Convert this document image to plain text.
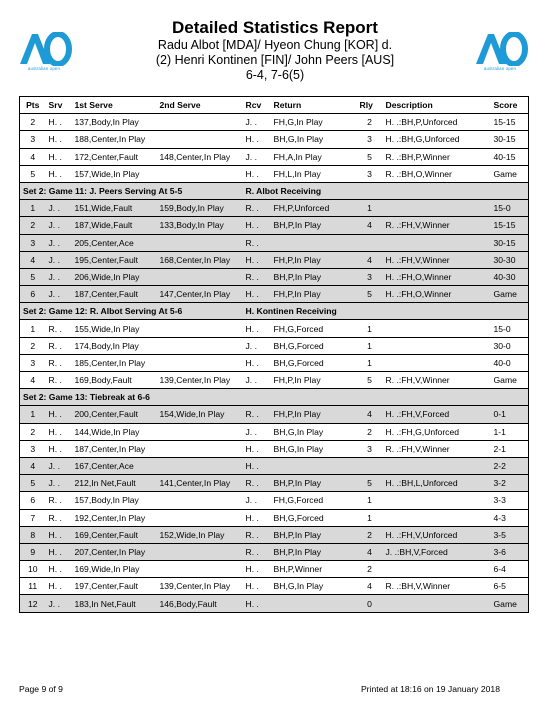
australian open
Detailed Statistics Report
Radu Albot [MDA]/ Hyeon Chung [KOR] d.
(2) Henri Kontinen [FIN]/ John Peers [AUS]
6-4, 7-6(5)	australian open
Pts	Srv	1st Serve	2nd Serve	Rcv	Return	Rly	Description	Score
2	H. .	137,Body,In Play		J. .	FH,G,In Play	2	H. .:BH,P,Unforced	15-15
3	H. .	188,Center,In Play		H. .	BH,G,In Play	3	H. .:BH,G,Unforced	30-15
4	H. .	172,Center,Fault	148,Center,In Play	J. .	FH,A,In Play	5	R. .:BH,P,Winner	40-15
5	H. .	157,Wide,In Play		H. .	FH,L,In Play	3	R. .:BH,O,Winner	Game
Set 2: Game 11: J. Peers Serving At 5-5				R. Albot Receiving				
1	J. .	151,Wide,Fault	159,Body,In Play	R. .	FH,P,Unforced	1		15-0
2	J. .	187,Wide,Fault	133,Body,In Play	H. .	BH,P,In Play	4	R. .:FH,V,Winner	15-15
3	J. .	205,Center,Ace		R. .				30-15
4	J. .	195,Center,Fault	168,Center,In Play	H. .	FH,P,In Play	4	H. .:FH,V,Winner	30-30
5	J. .	206,Wide,In Play		R. .	BH,P,In Play	3	H. .:FH,O,Winner	40-30
6	J. .	187,Center,Fault	147,Center,In Play	H. .	FH,P,In Play	5	H. .:FH,O,Winner	Game
Set 2: Game 12: R. Albot Serving At 5-6				H. Kontinen Receiving				
1	R. .	155,Wide,In Play		H. .	FH,G,Forced	1		15-0
2	R. .	174,Body,In Play		J. .	BH,G,Forced	1		30-0
3	R. .	185,Center,In Play		H. .	BH,G,Forced	1		40-0
4	R. .	169,Body,Fault	139,Center,In Play	J. .	FH,P,In Play	5	R. .:FH,V,Winner	Game
Set 2: Game 13: Tiebreak at 6-6								
1	H. .	200,Center,Fault	154,Wide,In Play	R. .	FH,P,In Play	4	H. .:FH,V,Forced	0-1
2	H. .	144,Wide,In Play		J. .	BH,G,In Play	2	H. .:FH,G,Unforced	1-1
3	H. .	187,Center,In Play		H. .	BH,G,In Play	3	R. .:FH,V,Winner	2-1
4	J. .	167,Center,Ace		H. .				2-2
5	J. .	212,In Net,Fault	141,Center,In Play	R. .	BH,P,In Play	5	H. .:BH,L,Unforced	3-2
6	R. .	157,Body,In Play		J. .	FH,G,Forced	1		3-3
7	R. .	192,Center,In Play		H. .	BH,G,Forced	1		4-3
8	H. .	169,Center,Fault	152,Wide,In Play	R. .	BH,P,In Play	2	H. .:FH,V,Unforced	3-5
9	H. .	207,Center,In Play		R. .	BH,P,In Play	4	J. .:BH,V,Forced	3-6
10	H. .	169,Wide,In Play		H. .	BH,P,Winner	2		6-4
11	H. .	197,Center,Fault	139,Center,In Play	H. .	BH,G,In Play	4	R. .:BH,V,Winner	6-5
12	J. .	183,In Net,Fault	146,Body,Fault	H. .		0		Game
Page 9 of 9	Printed at 18:16 on 19 January 2018
